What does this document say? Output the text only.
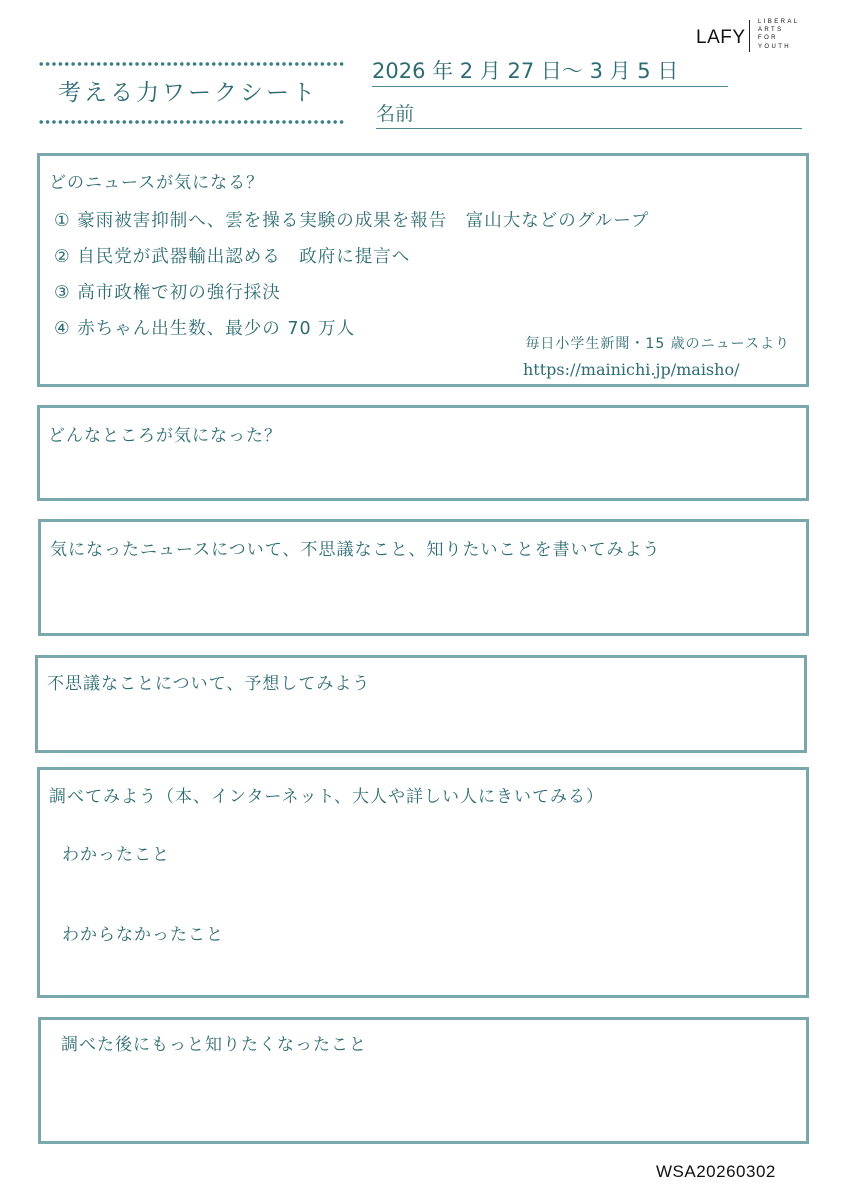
LAFY
LIBERAL
ARTS
FOR
YOUTH
考える力ワークシート
2026 年 2 月 27 日～ 3 月 5 日
名前
どのニュースが気になる？
① 豪雨被害抑制へ、雲を操る実験の成果を報告　富山大などのグループ
② 自民党が武器輸出認める　政府に提言へ
③ 高市政権で初の強行採決
④ 赤ちゃん出生数、最少の 70 万人
毎日小学生新聞・15 歳のニュースより
https://mainichi.jp/maisho/
どんなところが気になった？
気になったニュースについて、不思議なこと、知りたいことを書いてみよう
不思議なことについて、予想してみよう
調べてみよう（本、インターネット、大人や詳しい人にきいてみる）
わかったこと
わからなかったこと
調べた後にもっと知りたくなったこと
WSA20260302
